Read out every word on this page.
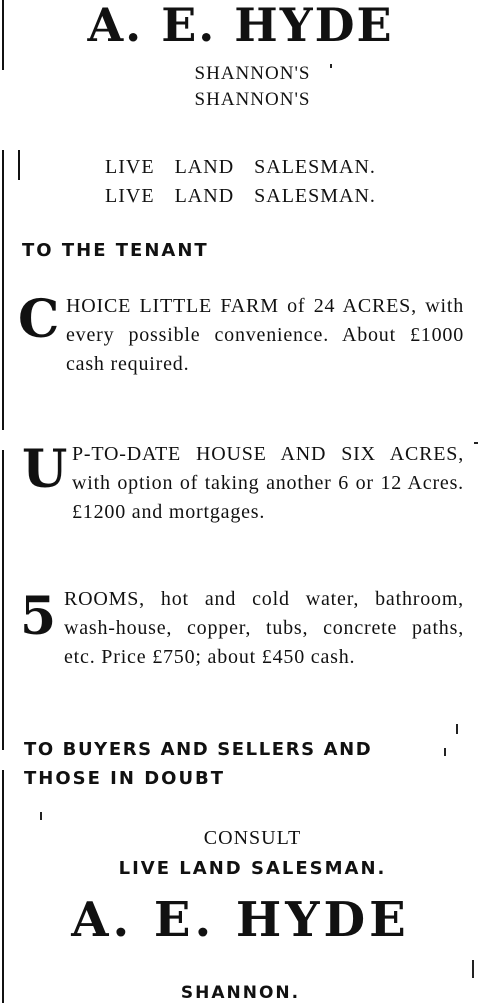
A. E. HYDE
SHANNON'S
SHANNON'S
LIVE LAND SALESMAN.
LIVE LAND SALESMAN.
TO THE TENANT
C HOICE LITTLE FARM of 24 ACRES, with every possible convenience. About £1000 cash required.
U P-TO-DATE HOUSE AND SIX ACRES, with option of taking another 6 or 12 Acres. £1200 and mortgages.
5 ROOMS, hot and cold water, bathroom, wash-house, copper, tubs, concrete paths, etc. Price £750; about £450 cash.
TO BUYERS AND SELLERS AND
THOSE IN DOUBT
CONSULT
LIVE LAND SALESMAN.
A. E. HYDE
SHANNON.
